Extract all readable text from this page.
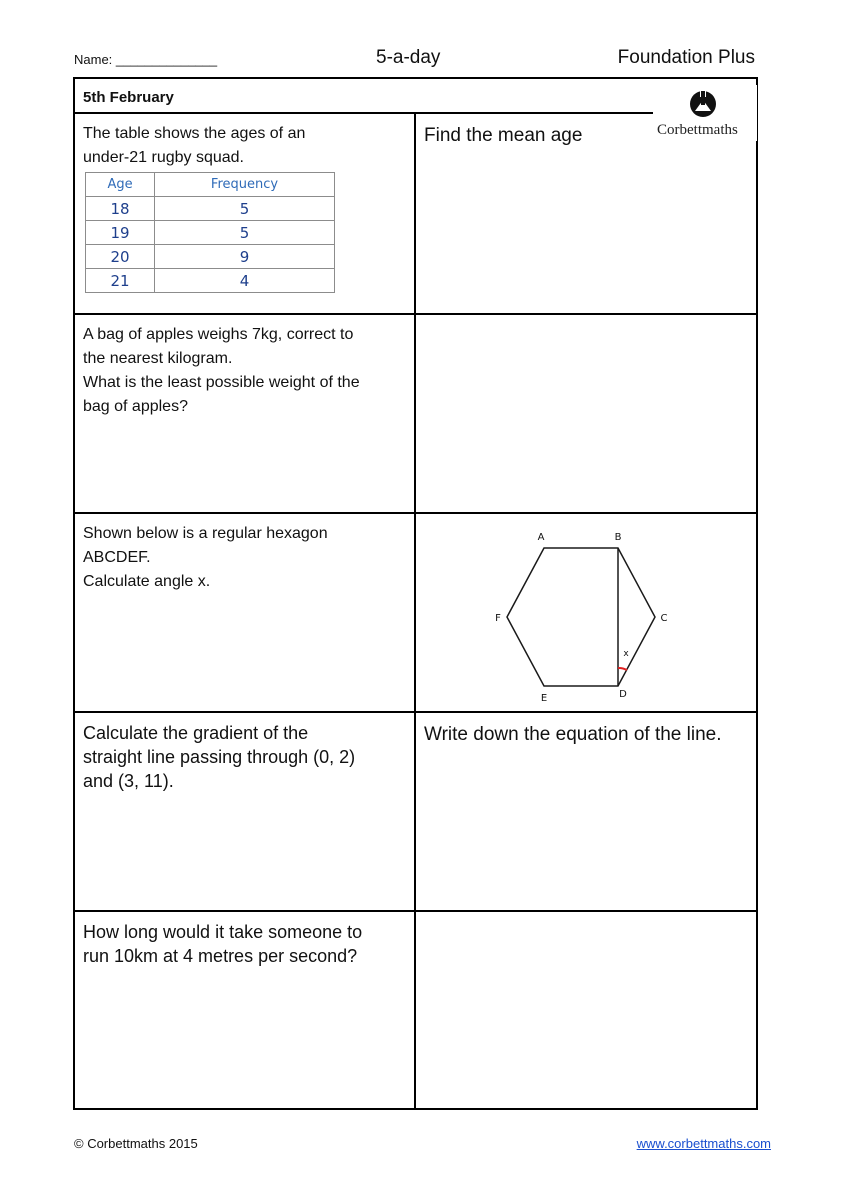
Name: ______________	5-a-day	Foundation Plus
5th February
The table shows the ages of an
under-21 rugby squad.
Age	Frequency
18	5
19	5
20	9
21	4
Find the mean age
A bag of apples weighs 7kg, correct to
the nearest kilogram.
What is the least possible weight of the
bag of apples?
Shown below is a regular hexagon
ABCDEF.
Calculate angle x.
A	B
C
D
E
F
x
Calculate the gradient of the
straight line passing through (0, 2)
and (3, 11).
Write down the equation of the line.
How long would it take someone to
run 10km at 4 metres per second?
Corbettmaths
© Corbettmaths 2015	www.corbettmaths.com
